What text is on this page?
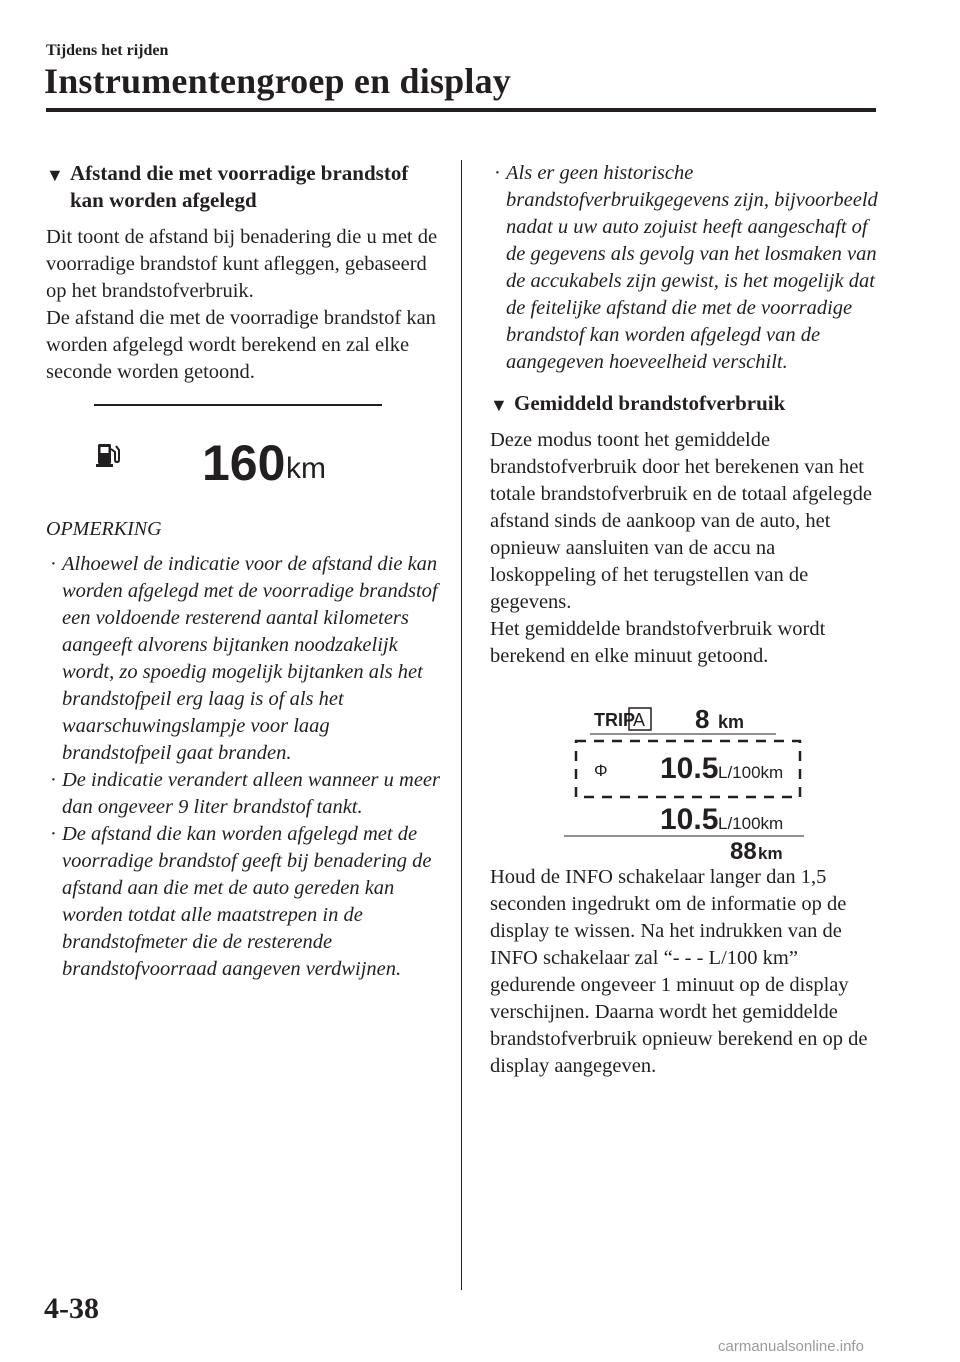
Tijdens het rijden
Instrumentengroep en display
▼ Afstand die met voorradige brandstof kan worden afgelegd

Dit toont de afstand bij benadering die u met de voorradige brandstof kunt afleggen, gebaseerd op het brandstofverbruik.

De afstand die met de voorradige brandstof kan worden afgelegd wordt berekend en zal elke seconde worden getoond.

160 km

OPMERKING

· Alhoewel de indicatie voor de afstand die kan worden afgelegd met de voorradige brandstof een voldoende resterend aantal kilometers aangeeft alvorens bijtanken noodzakelijk wordt, zo spoedig mogelijk bijtanken als het brandstofpeil erg laag is of als het waarschuwingslampje voor laag brandstofpeil gaat branden.
· De indicatie verandert alleen wanneer u meer dan ongeveer 9 liter brandstof tankt.
· De afstand die kan worden afgelegd met de voorradige brandstof geeft bij benadering de afstand aan die met de auto gereden kan worden totdat alle maatstrepen in de brandstofmeter die de resterende brandstofvoorraad aangeven verdwijnen.
· Als er geen historische brandstofverbruikgegevens zijn, bijvoorbeeld nadat u uw auto zojuist heeft aangeschaft of de gegevens als gevolg van het losmaken van de accukabels zijn gewist, is het mogelijk dat de feitelijke afstand die met de voorradige brandstof kan worden afgelegd van de aangegeven hoeveelheid verschilt.
▼ Gemiddeld brandstofverbruik

Deze modus toont het gemiddelde brandstofverbruik door het berekenen van het totale brandstofverbruik en de totaal afgelegde afstand sinds de aankoop van de auto, het opnieuw aansluiten van de accu na loskoppeling of het terugstellen van de gegevens.

Het gemiddelde brandstofverbruik wordt berekend en elke minuut getoond.

TRIP
A 8 km
Φ 10.5 L/100km
10.5 L/100km
88 km

Houd de INFO schakelaar langer dan 1,5 seconden ingedrukt om de informatie op de display te wissen. Na het indrukken van de INFO schakelaar zal “- - - L/100 km” gedurende ongeveer 1 minuut op de display verschijnen. Daarna wordt het gemiddelde brandstofverbruik opnieuw berekend en op de display aangegeven.

4-38
carmanualsonline.info
